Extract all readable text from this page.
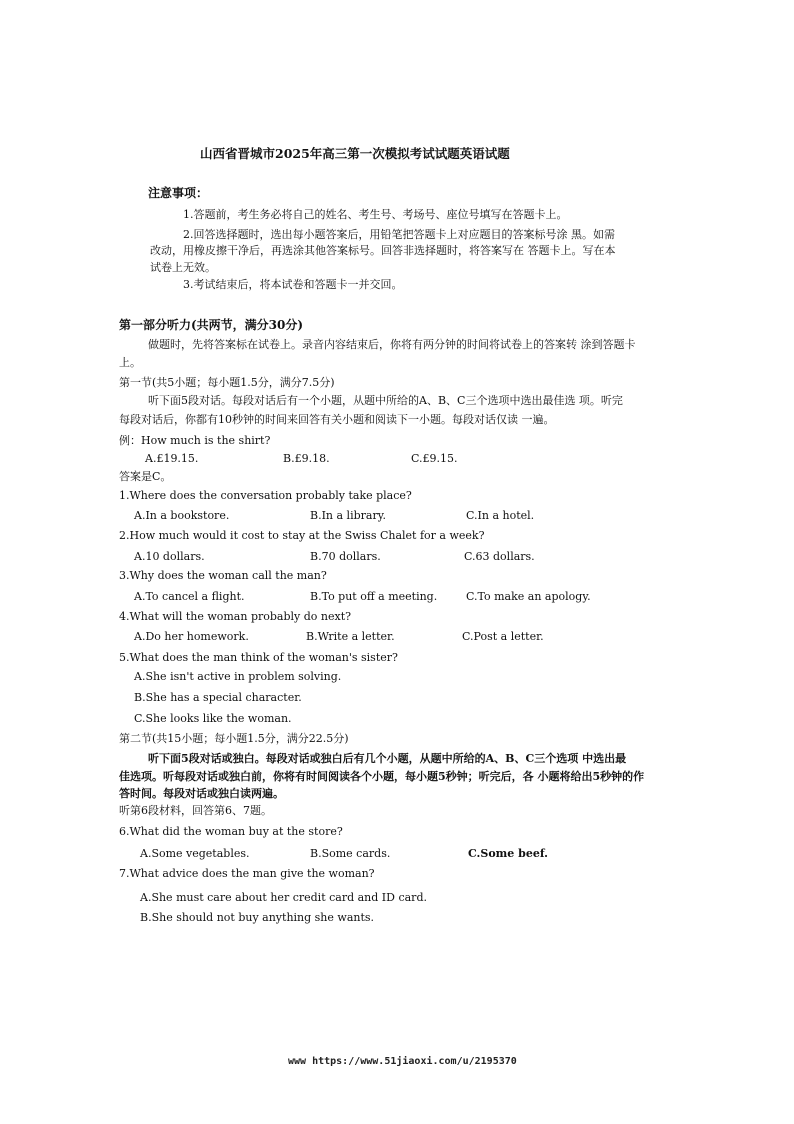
山西省晋城市2025年高三第一次模拟考试试题英语试题
注意事项：
1.答题前，考生务必将自己的姓名、考生号、考场号、座位号填写在答题卡上。
2.回答选择题时，选出每小题答案后，用铅笔把答题卡上对应题目的答案标号涂 黑。如需
改动，用橡皮擦干净后，再选涂其他答案标号。回答非选择题时，将答案写在 答题卡上。写在本
试卷上无效。
3.考试结束后，将本试卷和答题卡一并交回。
第一部分听力(共两节，满分30分)
做题时，先将答案标在试卷上。录音内容结束后，你将有两分钟的时间将试卷上的答案转 涂到答题卡
上。
第一节(共5小题；每小题1.5分，满分7.5分)
听下面5段对话。每段对话后有一个小题，从题中所给的A、B、C三个选项中选出最佳选 项。听完
每段对话后，你都有10秒钟的时间来回答有关小题和阅读下一小题。每段对话仅读 一遍。
例：How much is the shirt?
A.£19.15.	B.£9.18.	C.£9.15.
答案是C。
1.Where does the conversation probably take place?
A.In a bookstore.	B.In a library.	C.In a hotel.
2.How much would it cost to stay at the Swiss Chalet for a week?
A.10 dollars.	B.70 dollars.	C.63 dollars.
3.Why does the woman call the man?
A.To cancel a flight.	B.To put off a meeting.	C.To make an apology.
4.What will the woman probably do next?
A.Do her homework.	B.Write a letter.	C.Post a letter.
5.What does the man think of the woman's sister?
A.She isn't active in problem solving.
B.She has a special character.
C.She looks like the woman.
第二节(共15小题；每小题1.5分，满分22.5分)
听下面5段对话或独白。每段对话或独白后有几个小题，从题中所给的A、B、C三个选项 中选出最
佳选项。听每段对话或独白前，你将有时间阅读各个小题，每小题5秒钟；听完后，各 小题将给出5秒钟的作
答时间。每段对话或独白读两遍。
听第6段材料，回答第6、7题。
6.What did the woman buy at the store?
A.Some vegetables.	B.Some cards.	C.Some beef.
7.What advice does the man give the woman?
A.She must care about her credit card and ID card.
B.She should not buy anything she wants.
www https://www.51jiaoxi.com/u/2195370
